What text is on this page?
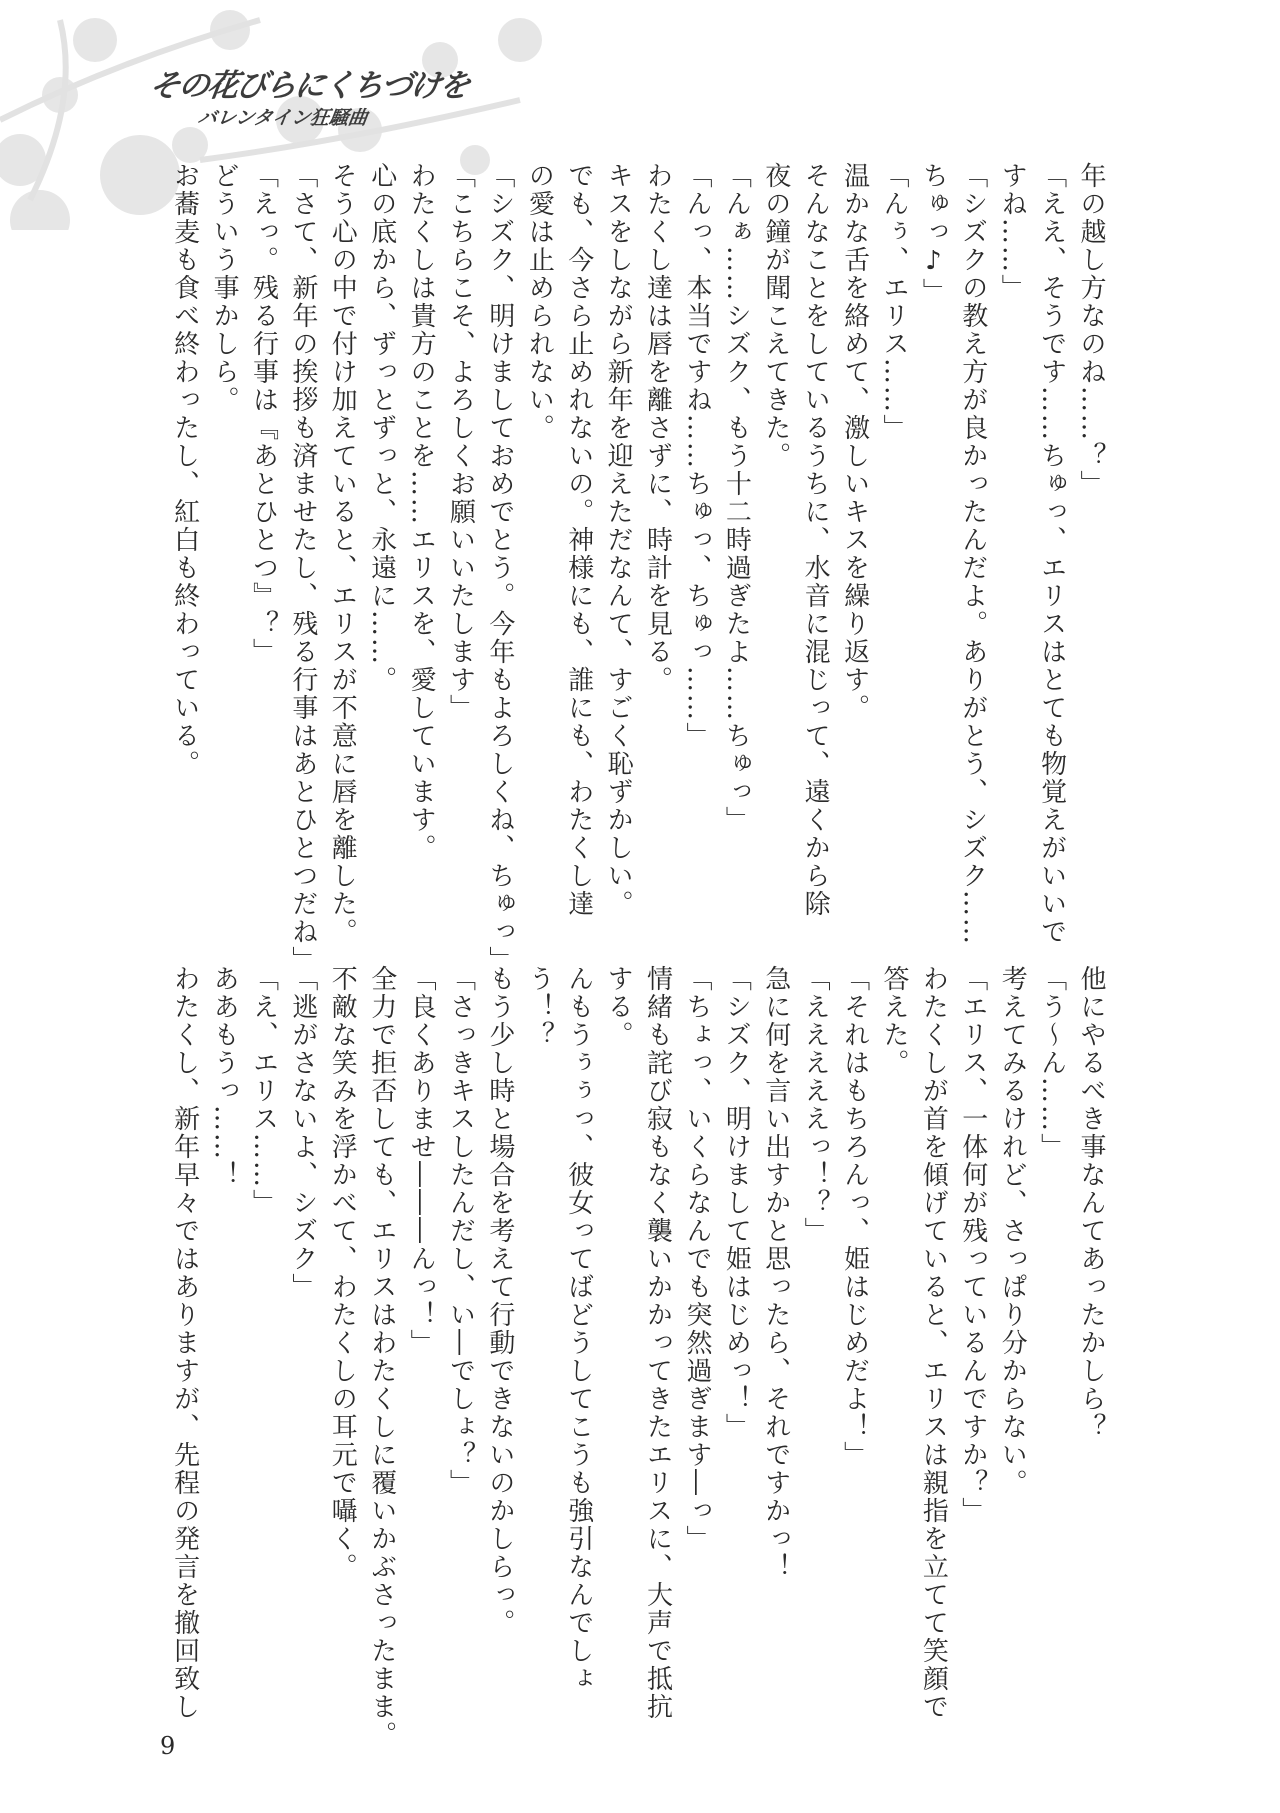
その花びらにくちづけを
バレンタイン狂騒曲
年の越し方なのね……？」
「ええ、そうです……ちゅっ、エリスはとても物覚えがいいで
すね……」
「シズクの教え方が良かったんだよ。ありがとう、シズク……
ちゅっ♪」
「んぅ、エリス……」
温かな舌を絡めて、激しいキスを繰り返す。
そんなことをしているうちに、水音に混じって、遠くから除
夜の鐘が聞こえてきた。
「んぁ……シズク、もう十二時過ぎたよ……ちゅっ」
「んっ、本当ですね……ちゅっ、ちゅっ……」
わたくし達は唇を離さずに、時計を見る。
キスをしながら新年を迎えただなんて、すごく恥ずかしい。
でも、今さら止めれないの。神様にも、誰にも、わたくし達
の愛は止められない。
「シズク、明けましておめでとう。今年もよろしくね、ちゅっ」
「こちらこそ、よろしくお願いいたします」
わたくしは貴方のことを……エリスを、愛しています。
心の底から、ずっとずっと、永遠に……。
そう心の中で付け加えていると、エリスが不意に唇を離した。
「さて、新年の挨拶も済ませたし、残る行事はあとひとつだね」
「えっ。残る行事は『あとひとつ』？」
どういう事かしら。
お蕎麦も食べ終わったし、紅白も終わっている。
他にやるべき事なんてあったかしら？
「う～ん……」
考えてみるけれど、さっぱり分からない。
「エリス、一体何が残っているんですか？」
わたくしが首を傾げていると、エリスは親指を立てて笑顔で
答えた。
「それはもちろんっ、姫はじめだよ！」
「えええええっ！？」
急に何を言い出すかと思ったら、それですかっ！
「シズク、明けまして姫はじめっ！」
「ちょっ、いくらなんでも突然過ぎます―っ」
情緒も詫び寂もなく襲いかかってきたエリスに、大声で抵抗
する。
んもうぅぅっ、彼女ってばどうしてこうも強引なんでしょ
う！？
もう少し時と場合を考えて行動できないのかしらっ。
「さっきキスしたんだし、い―でしょ？」
「良くありませ―――んっ！」
全力で拒否しても、エリスはわたくしに覆いかぶさったまま。
不敵な笑みを浮かべて、わたくしの耳元で囁く。
「逃がさないよ、シズク」
「え、エリス……」
ああもうっ……！
わたくし、新年早々ではありますが、先程の発言を撤回致し
9
